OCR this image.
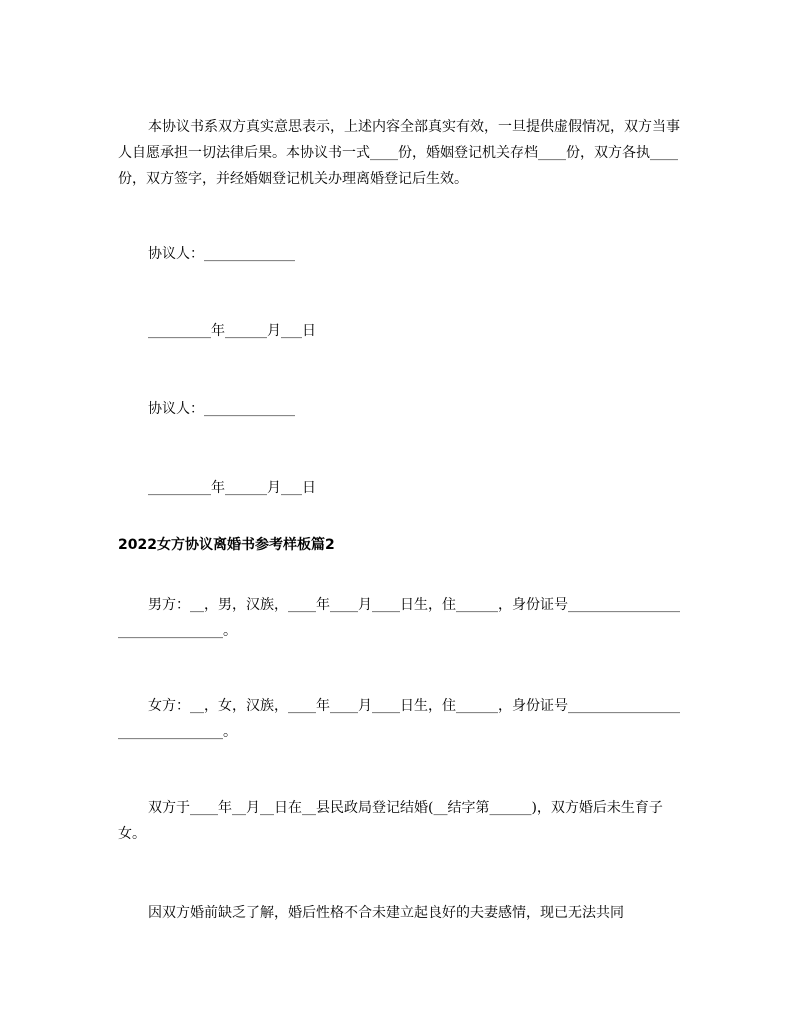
本协议书系双方真实意思表示，上述内容全部真实有效，一旦提供虚假情况，双方当事人自愿承担一切法律后果。本协议书一式____份，婚姻登记机关存档____份，双方各执____份，双方签字，并经婚姻登记机关办理离婚登记后生效。

协议人：_____________
_________年______月___日
协议人：_____________
_________年______月___日
2022女方协议离婚书参考样板篇2

男方：__，男，汉族，____年____月____日生，住______，身份证号_______________________________。

女方：__，女，汉族，____年____月____日生，住______，身份证号_______________________________。

双方于____年__月__日在__县民政局登记结婚(__结字第______)，双方婚后未生育子女。

因双方婚前缺乏了解，婚后性格不合未建立起良好的夫妻感情，现已无法共同
